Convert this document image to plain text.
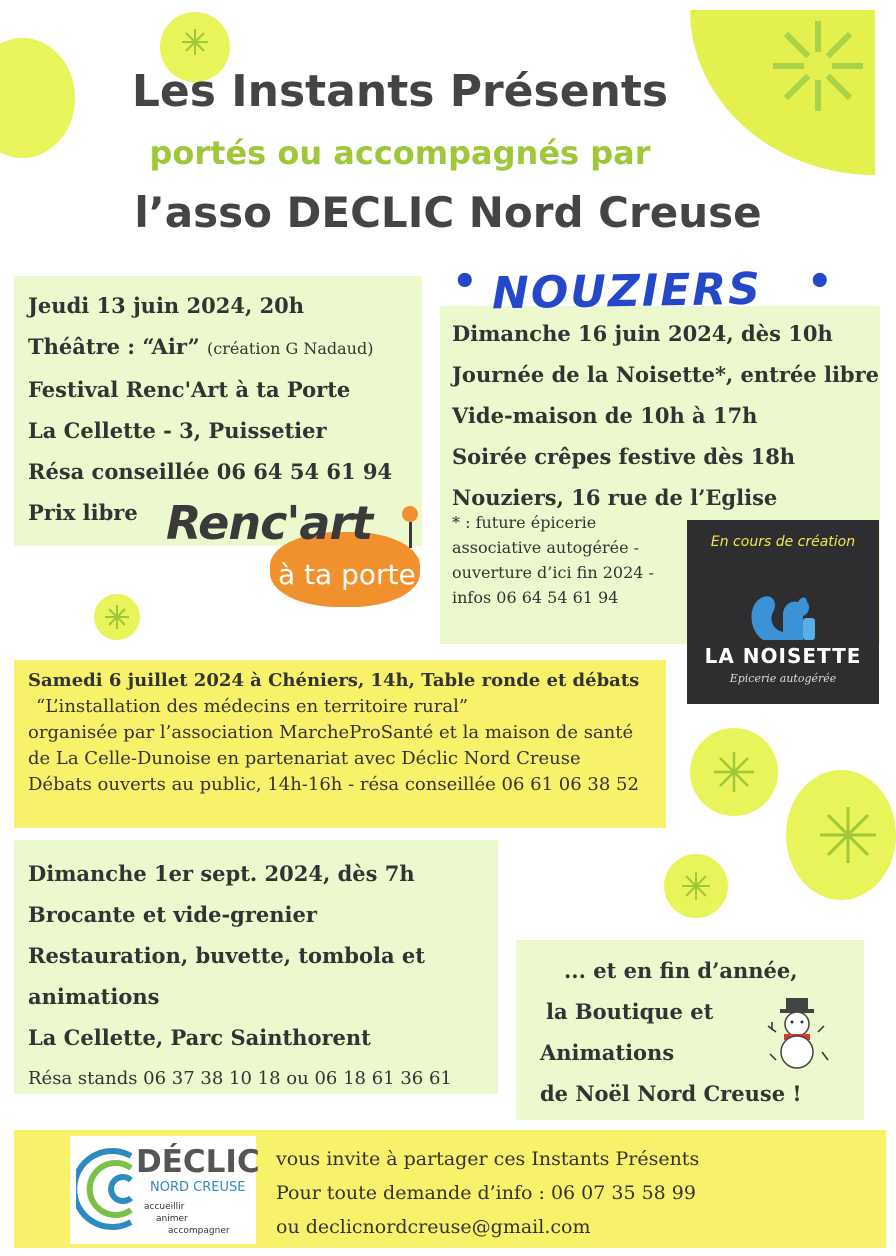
Les Instants Présents
portés ou accompagnés par
l’asso DECLIC Nord Creuse
Jeudi 13 juin 2024, 20h
Théâtre : “Air” (création G Nadaud)
Festival Renc'Art à ta Porte
La Cellette - 3, Puissetier
Résa conseillée 06 64 54 61 94
Prix libre Renc'art
à ta porte
• NOUZIERS •
Dimanche 16 juin 2024, dès 10h
Journée de la Noisette*, entrée libre
Vide-maison de 10h à 17h
Soirée crêpes festive dès 18h
Nouziers, 16 rue de l’Eglise
* : future épicerie
associative autogérée -
ouverture d’ici fin 2024 -
infos 06 64 54 61 94
En cours de création
LA NOISETTE
Epicerie autogérée
Samedi 6 juillet 2024 à Chéniers, 14h, Table ronde et débats
“L’installation des médecins en territoire rural”
organisée par l’association MarcheProSanté et la maison de santé
de La Celle-Dunoise en partenariat avec Déclic Nord Creuse
Débats ouverts au public, 14h-16h - résa conseillée 06 61 06 38 52
Dimanche 1er sept. 2024, dès 7h
Brocante et vide-grenier
Restauration, buvette, tombola et
animations
La Cellette, Parc Sainthorent
Résa stands 06 37 38 10 18 ou 06 18 61 36 61
... et en fin d’année,
la Boutique et
Animations
de Noël Nord Creuse !
DÉCLIC
NORD CREUSE
accueillir
animer
accompagner
vous invite à partager ces Instants Présents
Pour toute demande d’info : 06 07 35 58 99
ou declicnordcreuse@gmail.com
